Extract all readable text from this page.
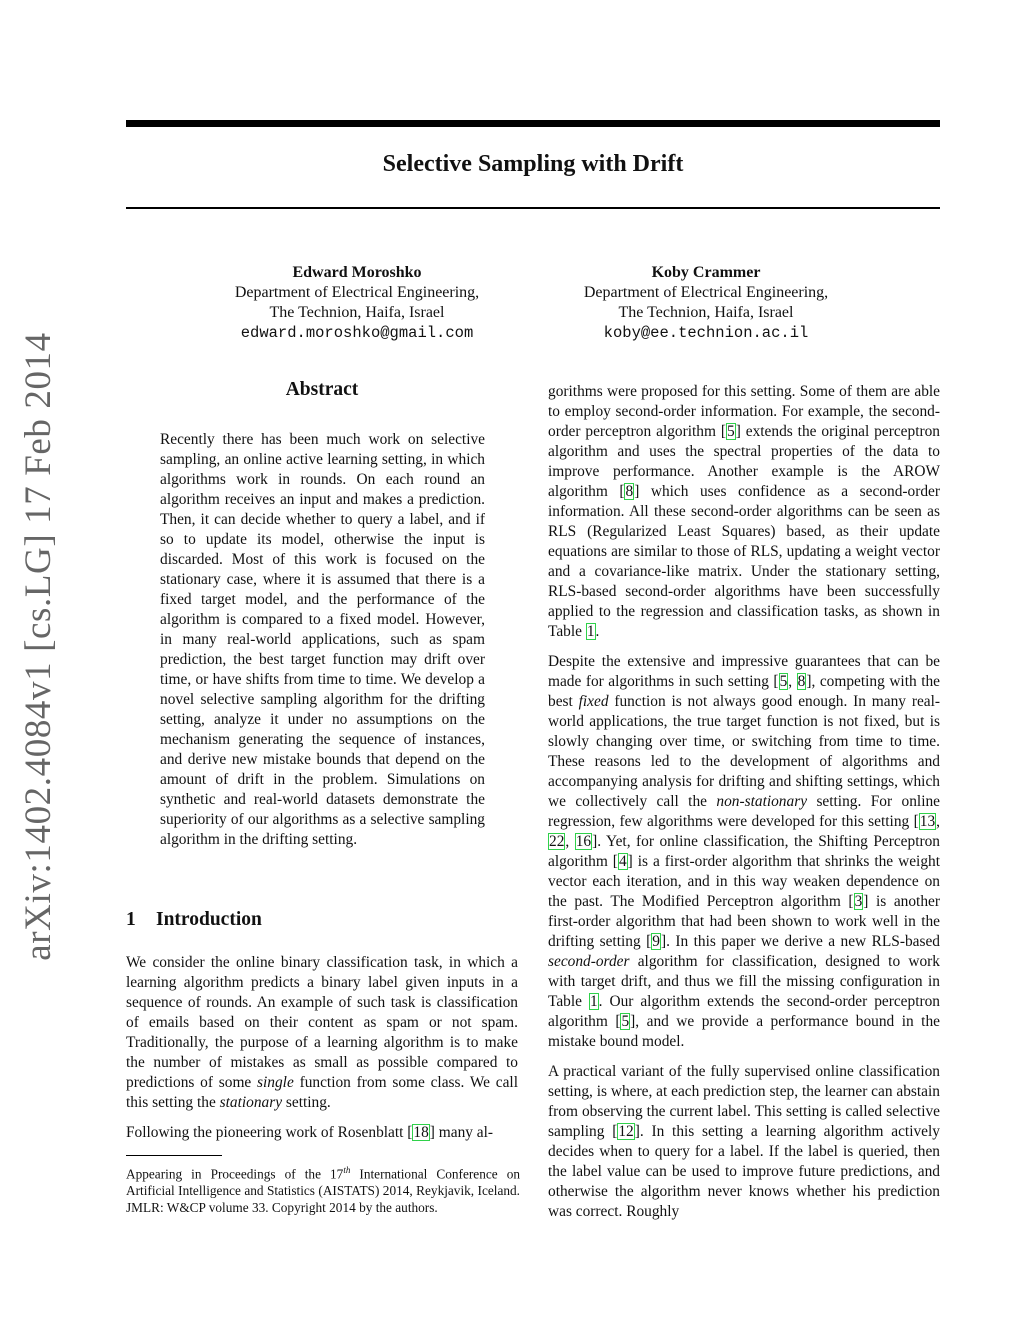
arXiv:1402.4084v1 [cs.LG] 17 Feb 2014
Selective Sampling with Drift
Edward Moroshko
Department of Electrical Engineering,
The Technion, Haifa, Israel
edward.moroshko@gmail.com
Koby Crammer
Department of Electrical Engineering,
The Technion, Haifa, Israel
koby@ee.technion.ac.il
Abstract
Recently there has been much work on selective sampling, an online active learning setting, in which algorithms work in rounds. On each round an algorithm receives an input and makes a prediction. Then, it can decide whether to query a label, and if so to update its model, otherwise the input is discarded. Most of this work is focused on the stationary case, where it is assumed that there is a fixed target model, and the performance of the algorithm is compared to a fixed model. However, in many real-world applications, such as spam prediction, the best target function may drift over time, or have shifts from time to time. We develop a novel selective sampling algorithm for the drifting setting, analyze it under no assumptions on the mechanism generating the sequence of instances, and derive new mistake bounds that depend on the amount of drift in the problem. Simulations on synthetic and real-world datasets demonstrate the superiority of our algorithms as a selective sampling algorithm in the drifting setting.
1 Introduction

We consider the online binary classification task, in which a learning algorithm predicts a binary label given inputs in a sequence of rounds. An example of such task is classification of emails based on their content as spam or not spam. Traditionally, the purpose of a learning algorithm is to make the number of mistakes as small as possible compared to predictions of some single function from some class. We call this setting the stationary setting.

Following the pioneering work of Rosenblatt [18] many al-

Appearing in Proceedings of the 17th International Conference on Artificial Intelligence and Statistics (AISTATS) 2014, Reykjavik, Iceland. JMLR: W&CP volume 33. Copyright 2014 by the authors.

gorithms were proposed for this setting. Some of them are able to employ second-order information. For example, the second-order perceptron algorithm [5] extends the original perceptron algorithm and uses the spectral properties of the data to improve performance. Another example is the AROW algorithm [8] which uses confidence as a second-order information. All these second-order algorithms can be seen as RLS (Regularized Least Squares) based, as their update equations are similar to those of RLS, updating a weight vector and a covariance-like matrix. Under the stationary setting, RLS-based second-order algorithms have been successfully applied to the regression and classification tasks, as shown in Table 1.

Despite the extensive and impressive guarantees that can be made for algorithms in such setting [5, 8], competing with the best fixed function is not always good enough. In many real-world applications, the true target function is not fixed, but is slowly changing over time, or switching from time to time. These reasons led to the development of algorithms and accompanying analysis for drifting and shifting settings, which we collectively call the non-stationary setting. For online regression, few algorithms were developed for this setting [13, 22, 16]. Yet, for online classification, the Shifting Perceptron algorithm [4] is a first-order algorithm that shrinks the weight vector each iteration, and in this way weaken dependence on the past. The Modified Perceptron algorithm [3] is another first-order algorithm that had been shown to work well in the drifting setting [9]. In this paper we derive a new RLS-based second-order algorithm for classification, designed to work with target drift, and thus we fill the missing configuration in Table 1. Our algorithm extends the second-order perceptron algorithm [5], and we provide a performance bound in the mistake bound model.

A practical variant of the fully supervised online classification setting, is where, at each prediction step, the learner can abstain from observing the current label. This setting is called selective sampling [12]. In this setting a learning algorithm actively decides when to query for a label. If the label is queried, then the label value can be used to improve future predictions, and otherwise the algorithm never knows whether his prediction was correct. Roughly
